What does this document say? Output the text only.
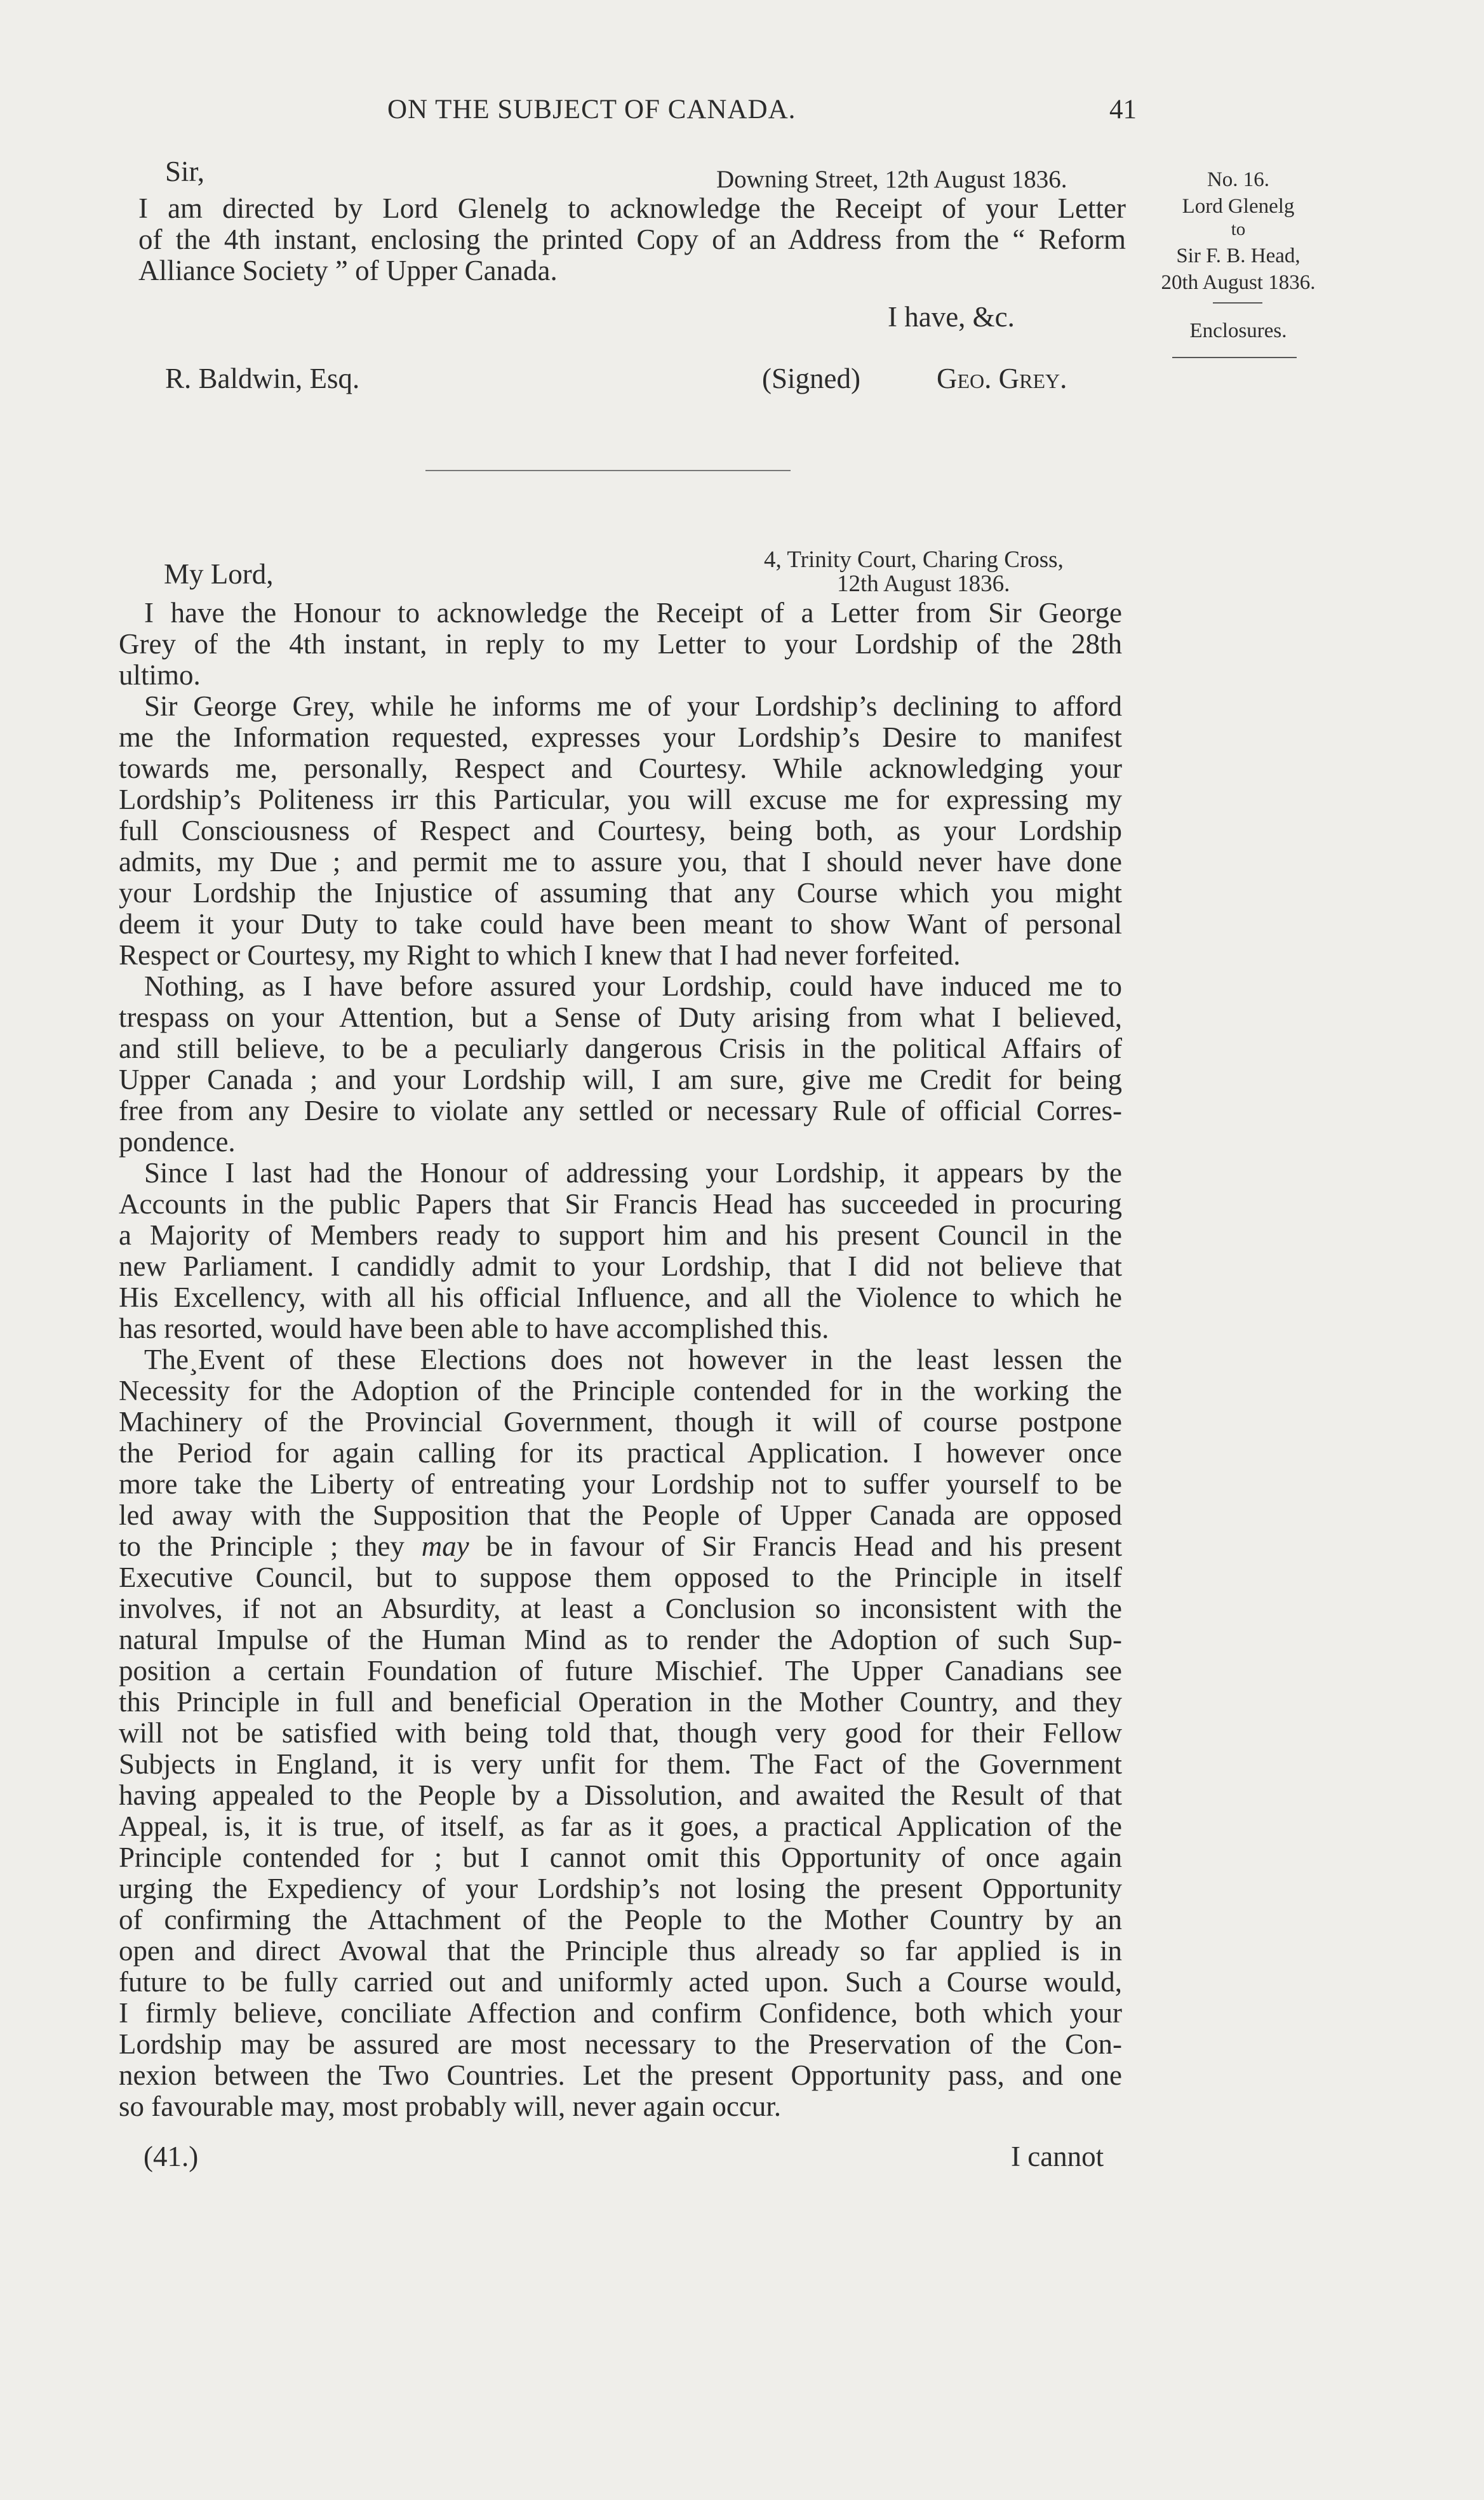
ON THE SUBJECT OF CANADA.	41
No. 16.
Lord Glenelg
to
Sir F. B. Head,
20th August 1836.
Enclosures.
Sir,	Downing Street, 12th August 1836.
I am directed by Lord Glenelg to acknowledge the Receipt of your Letter
of the 4th instant, enclosing the printed Copy of an Address from the “ Reform
Alliance Society ” of Upper Canada.
I have, &c.
R. Baldwin, Esq.	(Signed)	Geo. Grey.
4, Trinity Court, Charing Cross,
My Lord,	12th August 1836.
I have the Honour to acknowledge the Receipt of a Letter from Sir George
Grey of the 4th instant, in reply to my Letter to your Lordship of the 28th
ultimo.
Sir George Grey, while he informs me of your Lordship’s declining to afford
me the Information requested, expresses your Lordship’s Desire to manifest
towards me, personally, Respect and Courtesy. While acknowledging your
Lordship’s Politeness irr this Particular, you will excuse me for expressing my
full Consciousness of Respect and Courtesy, being both, as your Lordship
admits, my Due ; and permit me to assure you, that I should never have done
your Lordship the Injustice of assuming that any Course which you might
deem it your Duty to take could have been meant to show Want of personal
Respect or Courtesy, my Right to which I knew that I had never forfeited.
Nothing, as I have before assured your Lordship, could have induced me to
trespass on your Attention, but a Sense of Duty arising from what I believed,
and still believe, to be a peculiarly dangerous Crisis in the political Affairs of
Upper Canada ; and your Lordship will, I am sure, give me Credit for being
free from any Desire to violate any settled or necessary Rule of official Corres-
pondence.
Since I last had the Honour of addressing your Lordship, it appears by the
Accounts in the public Papers that Sir Francis Head has succeeded in procuring
a Majority of Members ready to support him and his present Council in the
new Parliament. I candidly admit to your Lordship, that I did not believe that
His Excellency, with all his official Influence, and all the Violence to which he
has resorted, would have been able to have accomplished this.
The¸Event of these Elections does not however in the least lessen the
Necessity for the Adoption of the Principle contended for in the working the
Machinery of the Provincial Government, though it will of course postpone
the Period for again calling for its practical Application. I however once
more take the Liberty of entreating your Lordship not to suffer yourself to be
led away with the Supposition that the People of Upper Canada are opposed
to the Principle ; they may be in favour of Sir Francis Head and his present
Executive Council, but to suppose them opposed to the Principle in itself
involves, if not an Absurdity, at least a Conclusion so inconsistent with the
natural Impulse of the Human Mind as to render the Adoption of such Sup-
position a certain Foundation of future Mischief. The Upper Canadians see
this Principle in full and beneficial Operation in the Mother Country, and they
will not be satisfied with being told that, though very good for their Fellow
Subjects in England, it is very unfit for them. The Fact of the Government
having appealed to the People by a Dissolution, and awaited the Result of that
Appeal, is, it is true, of itself, as far as it goes, a practical Application of the
Principle contended for ; but I cannot omit this Opportunity of once again
urging the Expediency of your Lordship’s not losing the present Opportunity
of confirming the Attachment of the People to the Mother Country by an
open and direct Avowal that the Principle thus already so far applied is in
future to be fully carried out and uniformly acted upon. Such a Course would,
I firmly believe, conciliate Affection and confirm Confidence, both which your
Lordship may be assured are most necessary to the Preservation of the Con-
nexion between the Two Countries. Let the present Opportunity pass, and one
so favourable may, most probably will, never again occur.
(41.)	I cannot
